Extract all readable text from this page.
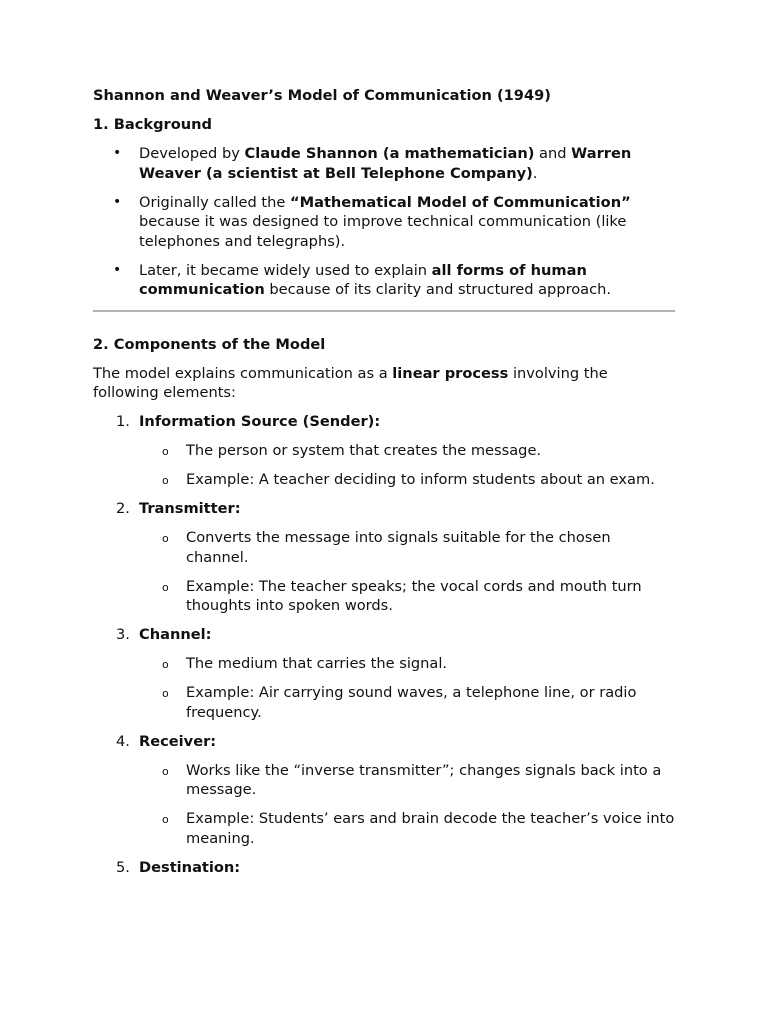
Shannon and Weaver’s Model of Communication (1949)

1. Background

• Developed by Claude Shannon (a mathematician) and Warren Weaver (a scientist at Bell Telephone Company).
• Originally called the “Mathematical Model of Communication” because it was designed to improve technical communication (like telephones and telegraphs).
• Later, it became widely used to explain all forms of human communication because of its clarity and structured approach.

2. Components of the Model

The model explains communication as a linear process involving the following elements:

1. Information Source (Sender):
o The person or system that creates the message.
o Example: A teacher deciding to inform students about an exam.
2. Transmitter:
o Converts the message into signals suitable for the chosen channel.
o Example: The teacher speaks; the vocal cords and mouth turn thoughts into spoken words.
3. Channel:
o The medium that carries the signal.
o Example: Air carrying sound waves, a telephone line, or radio frequency.
4. Receiver:
o Works like the “inverse transmitter”; changes signals back into a message.
o Example: Students’ ears and brain decode the teacher’s voice into meaning.
5. Destination:
